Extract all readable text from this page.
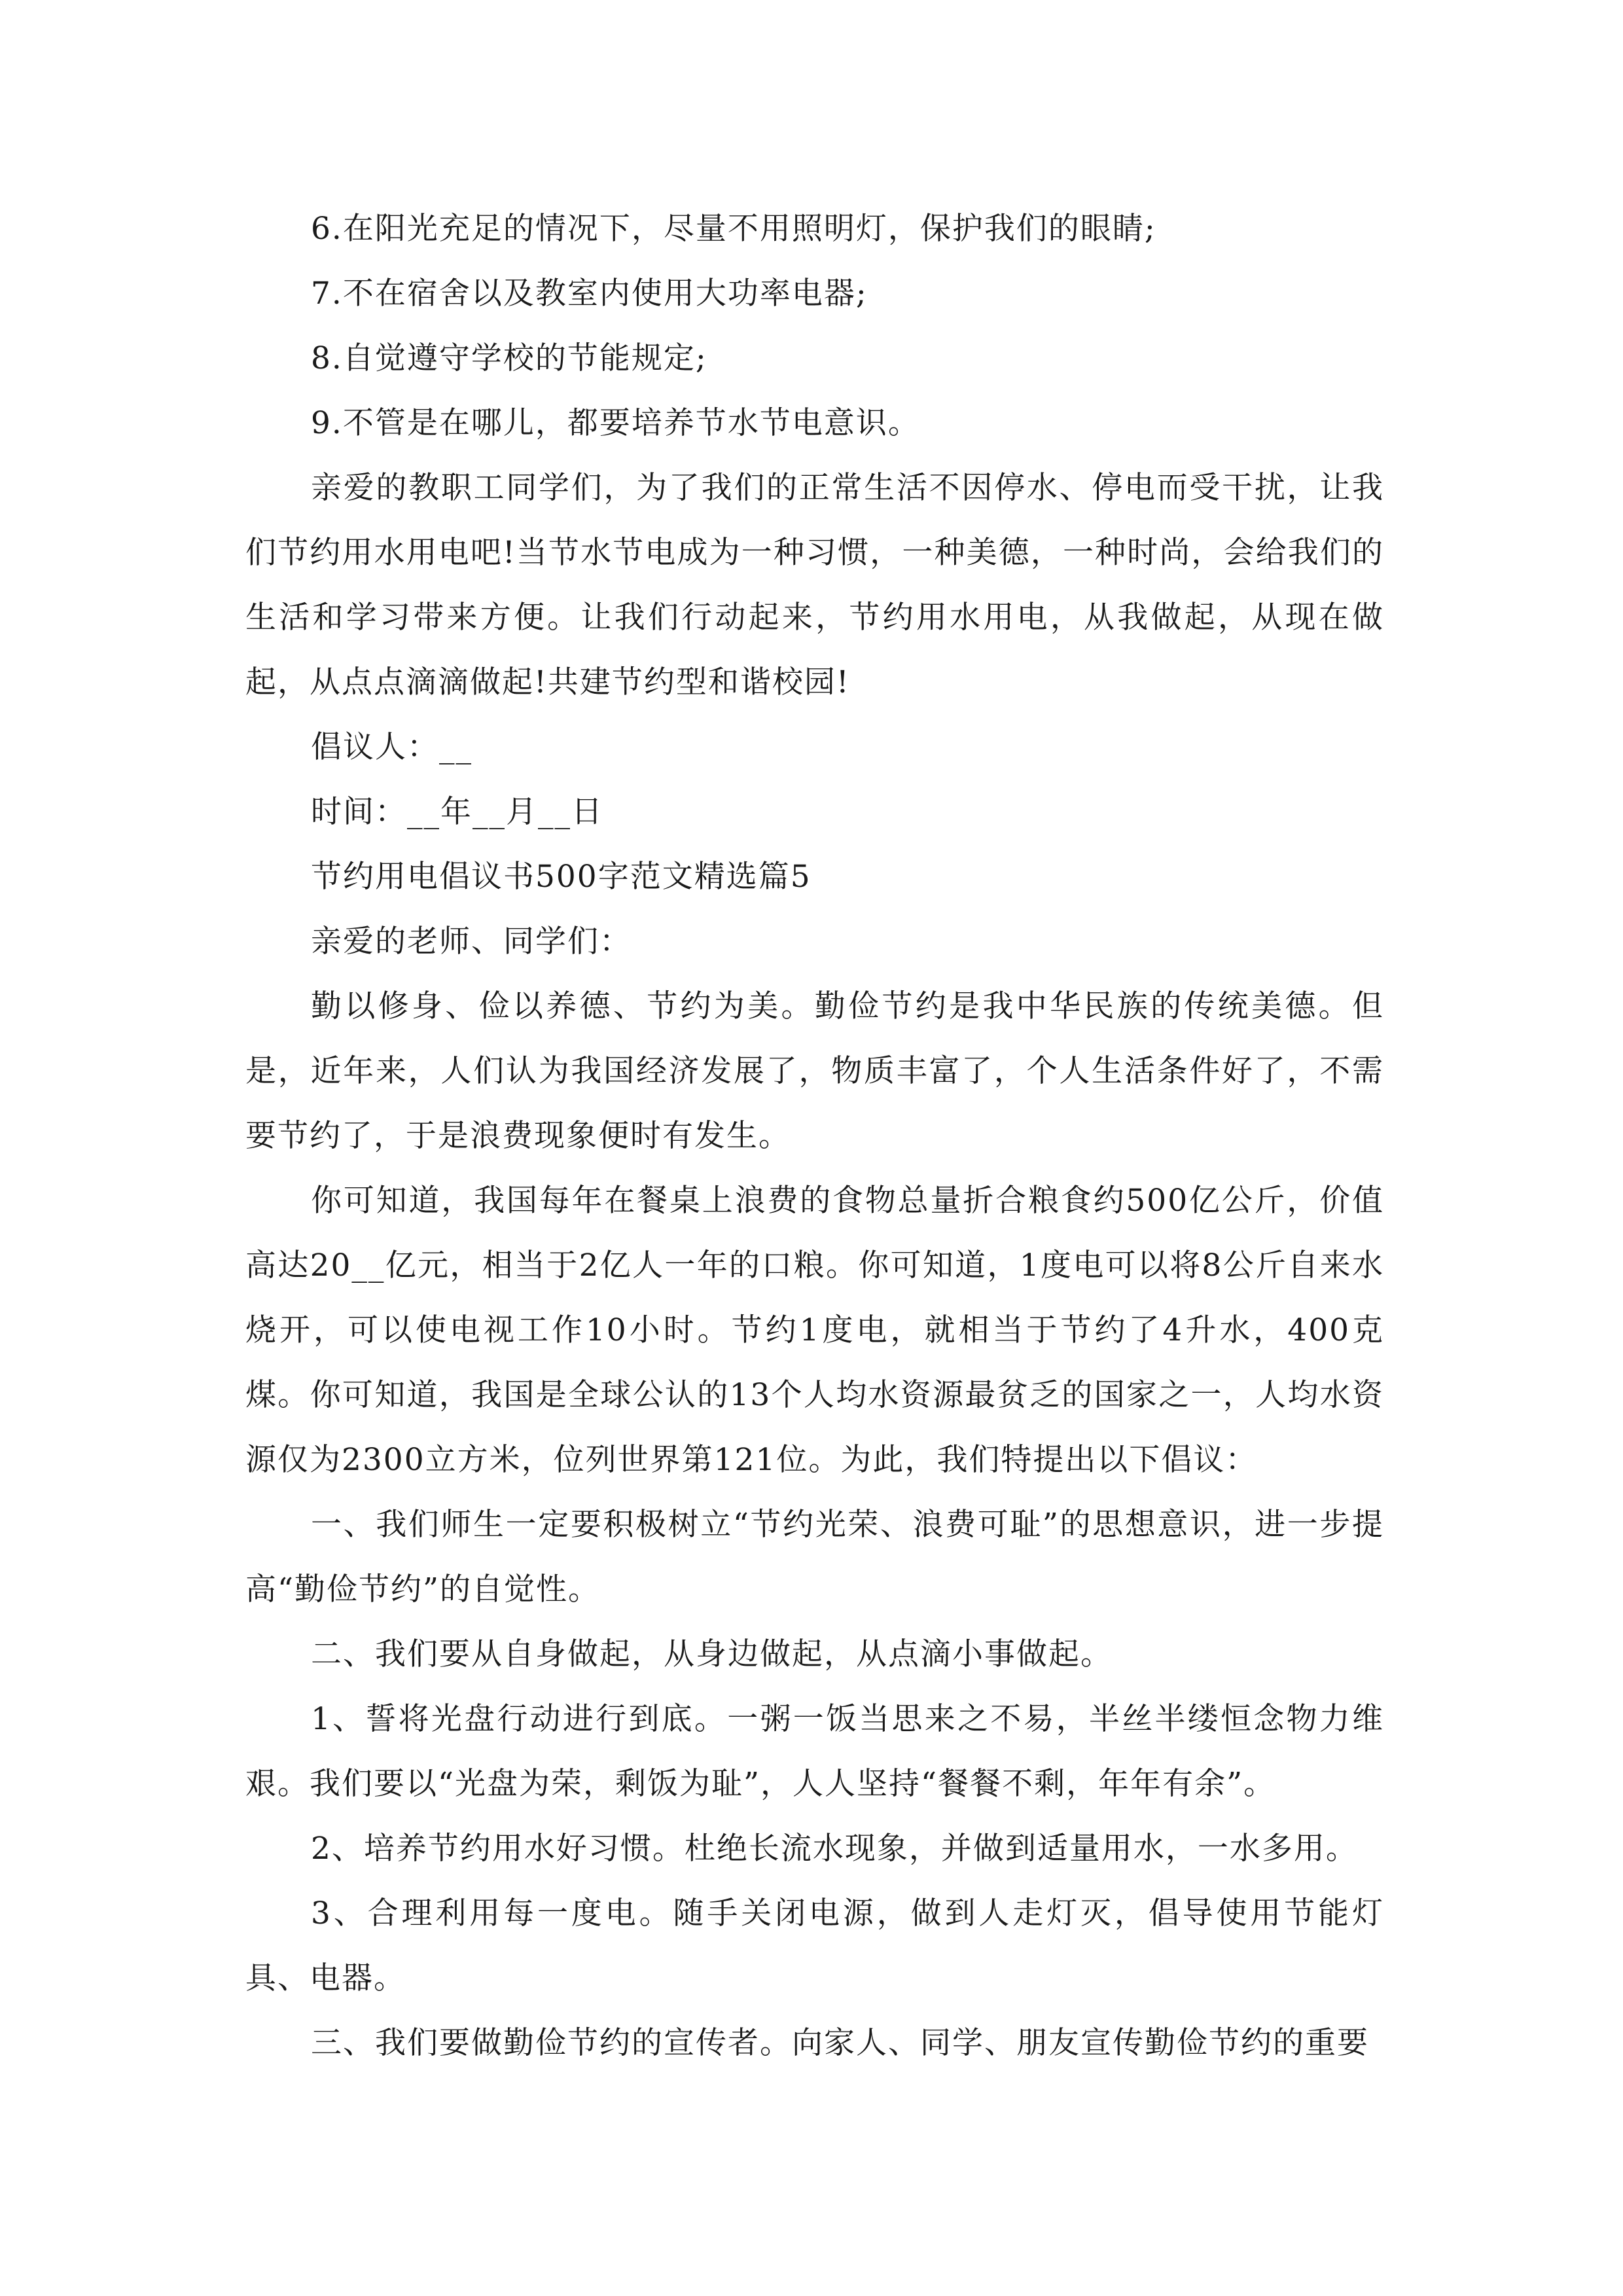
6.在阳光充足的情况下，尽量不用照明灯，保护我们的眼睛;

7.不在宿舍以及教室内使用大功率电器;

8.自觉遵守学校的节能规定;

9.不管是在哪儿，都要培养节水节电意识。

亲爱的教职工同学们，为了我们的正常生活不因停水、停电而受干扰，让我们节约用水用电吧!当节水节电成为一种习惯，一种美德，一种时尚，会给我们的生活和学习带来方便。让我们行动起来，节约用水用电，从我做起，从现在做起，从点点滴滴做起!共建节约型和谐校园!

倡议人：__

时间：__年__月__日

节约用电倡议书500字范文精选篇5

亲爱的老师、同学们：

勤以修身、俭以养德、节约为美。勤俭节约是我中华民族的传统美德。但是，近年来，人们认为我国经济发展了，物质丰富了，个人生活条件好了，不需要节约了，于是浪费现象便时有发生。

你可知道，我国每年在餐桌上浪费的食物总量折合粮食约500亿公斤，价值高达20__亿元，相当于2亿人一年的口粮。你可知道，1度电可以将8公斤自来水烧开，可以使电视工作10小时。节约1度电，就相当于节约了4升水，400克煤。你可知道，我国是全球公认的13个人均水资源最贫乏的国家之一，人均水资源仅为2300立方米，位列世界第121位。为此，我们特提出以下倡议：

一、我们师生一定要积极树立“节约光荣、浪费可耻”的思想意识，进一步提高“勤俭节约”的自觉性。

二、我们要从自身做起，从身边做起，从点滴小事做起。

1、誓将光盘行动进行到底。一粥一饭当思来之不易，半丝半缕恒念物力维艰。我们要以“光盘为荣，剩饭为耻”，人人坚持“餐餐不剩，年年有余”。

2、培养节约用水好习惯。杜绝长流水现象，并做到适量用水，一水多用。

3、合理利用每一度电。随手关闭电源，做到人走灯灭，倡导使用节能灯具、电器。

三、我们要做勤俭节约的宣传者。向家人、同学、朋友宣传勤俭节约的重要
